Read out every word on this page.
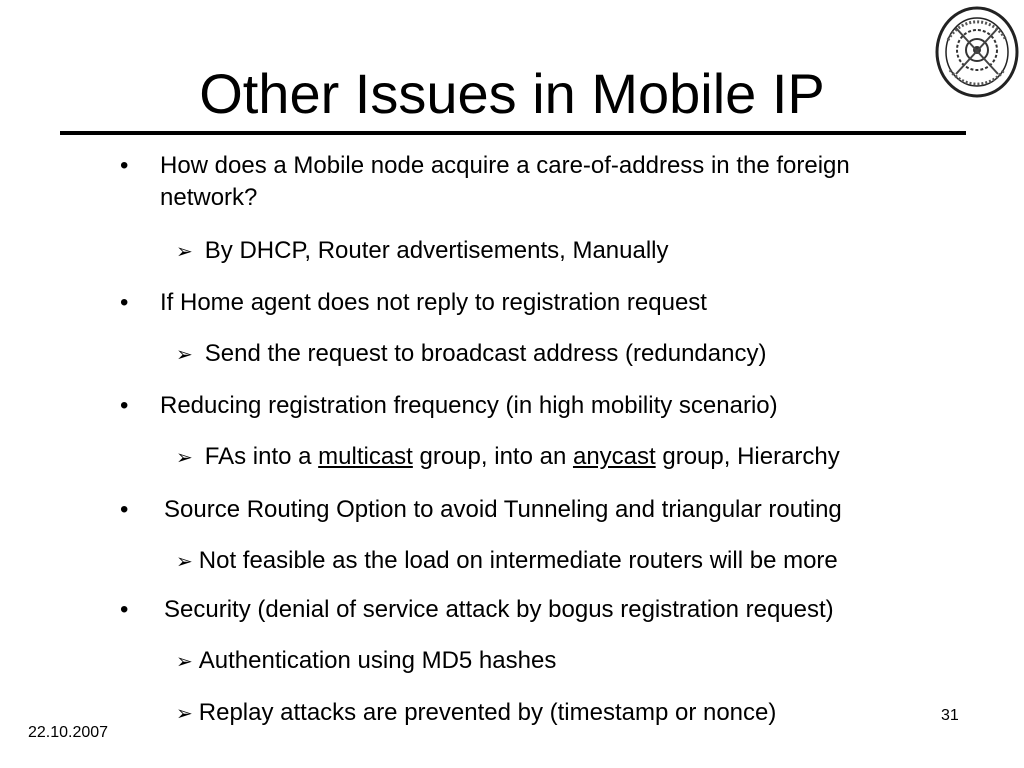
Other Issues in Mobile IP
• How does a Mobile node acquire a care-of-address in the foreign
network?
➢ By DHCP, Router advertisements, Manually
• If Home agent does not reply to registration request
➢ Send the request to broadcast address (redundancy)
• Reducing registration frequency (in high mobility scenario)
➢ FAs into a multicast group, into an anycast group, Hierarchy
• Source Routing Option to avoid Tunneling and triangular routing
➢ Not feasible as the load on intermediate routers will be more
• Security (denial of service attack by bogus registration request)
➢ Authentication using MD5 hashes
➢ Replay attacks are prevented by (timestamp or nonce)
22.10.2007
31
